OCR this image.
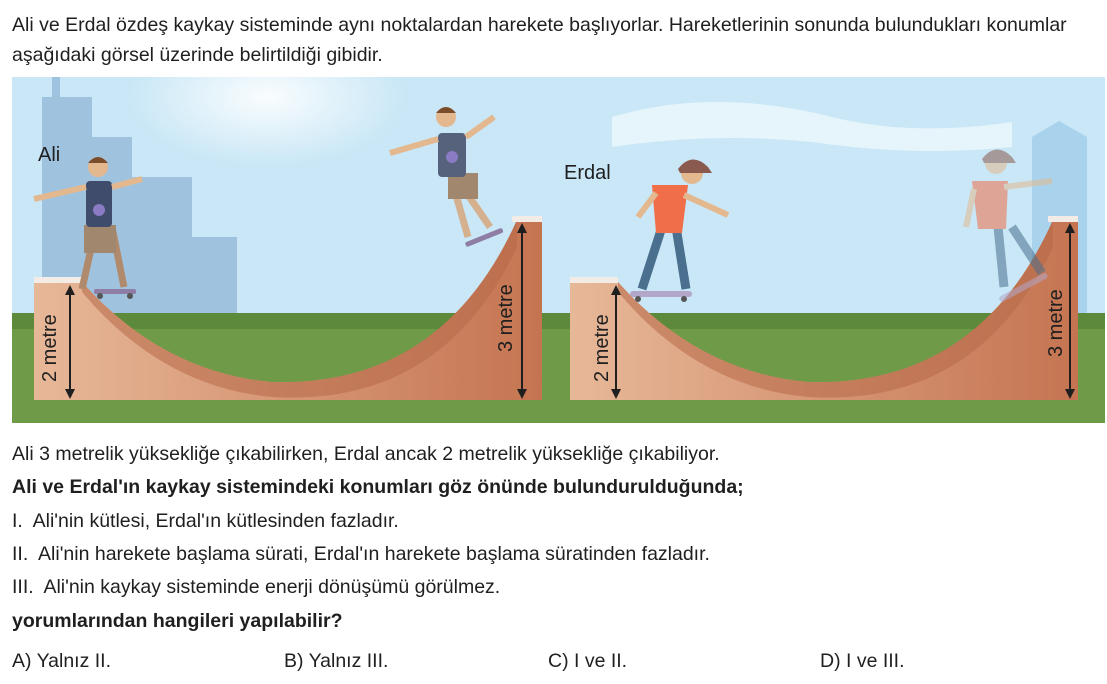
Ali ve Erdal özdeş kaykay sisteminde aynı noktalardan harekete başlıyorlar. Hareketlerinin sonunda bulundukları konumlar aşağıdaki görsel üzerinde belirtildiği gibidir.

2 metre	3 metre	2 metre	3 metre
Ali
Erdal

Ali 3 metrelik yüksekliğe çıkabilirken, Erdal ancak 2 metrelik yüksekliğe çıkabiliyor.

Ali ve Erdal'ın kaykay sistemindeki konumları göz önünde bulundurulduğunda;

I. Ali'nin kütlesi, Erdal'ın kütlesinden fazladır.
II. Ali'nin harekete başlama sürati, Erdal'ın harekete başlama süratinden fazladır.
III. Ali'nin kaykay sisteminde enerji dönüşümü görülmez.

yorumlarından hangileri yapılabilir?

A) Yalnız II.	B) Yalnız III.	C) I ve II.	D) I ve III.
